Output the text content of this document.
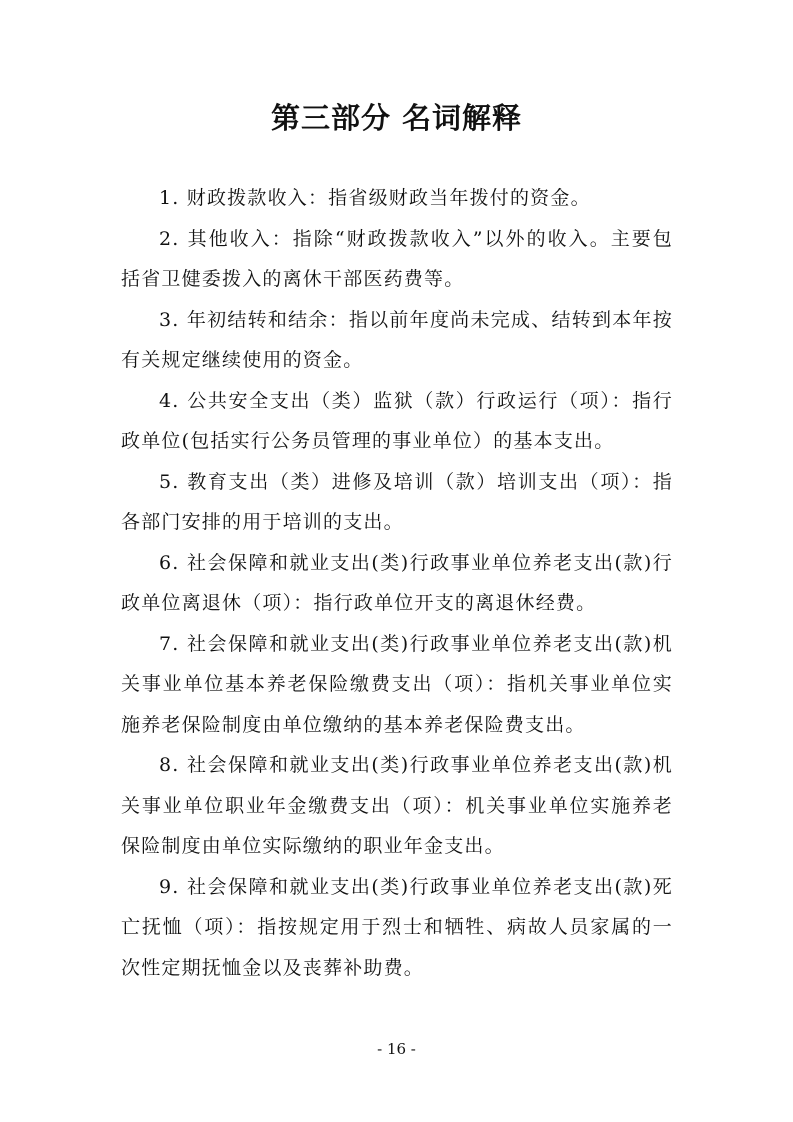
第三部分 名词解释

1. 财政拨款收入：指省级财政当年拨付的资金。

2. 其他收入：指除“财政拨款收入”以外的收入。主要包括省卫健委拨入的离休干部医药费等。

3. 年初结转和结余：指以前年度尚未完成、结转到本年按有关规定继续使用的资金。

4. 公共安全支出（类）监狱（款）行政运行（项）：指行政单位(包括实行公务员管理的事业单位）的基本支出。

5. 教育支出（类）进修及培训（款）培训支出（项）：指各部门安排的用于培训的支出。

6. 社会保障和就业支出(类)行政事业单位养老支出(款)行政单位离退休（项）：指行政单位开支的离退休经费。

7. 社会保障和就业支出(类)行政事业单位养老支出(款)机关事业单位基本养老保险缴费支出（项）：指机关事业单位实施养老保险制度由单位缴纳的基本养老保险费支出。

8. 社会保障和就业支出(类)行政事业单位养老支出(款)机关事业单位职业年金缴费支出（项）：机关事业单位实施养老保险制度由单位实际缴纳的职业年金支出。

9. 社会保障和就业支出(类)行政事业单位养老支出(款)死亡抚恤（项）：指按规定用于烈士和牺牲、病故人员家属的一次性定期抚恤金以及丧葬补助费。

- 16 -
